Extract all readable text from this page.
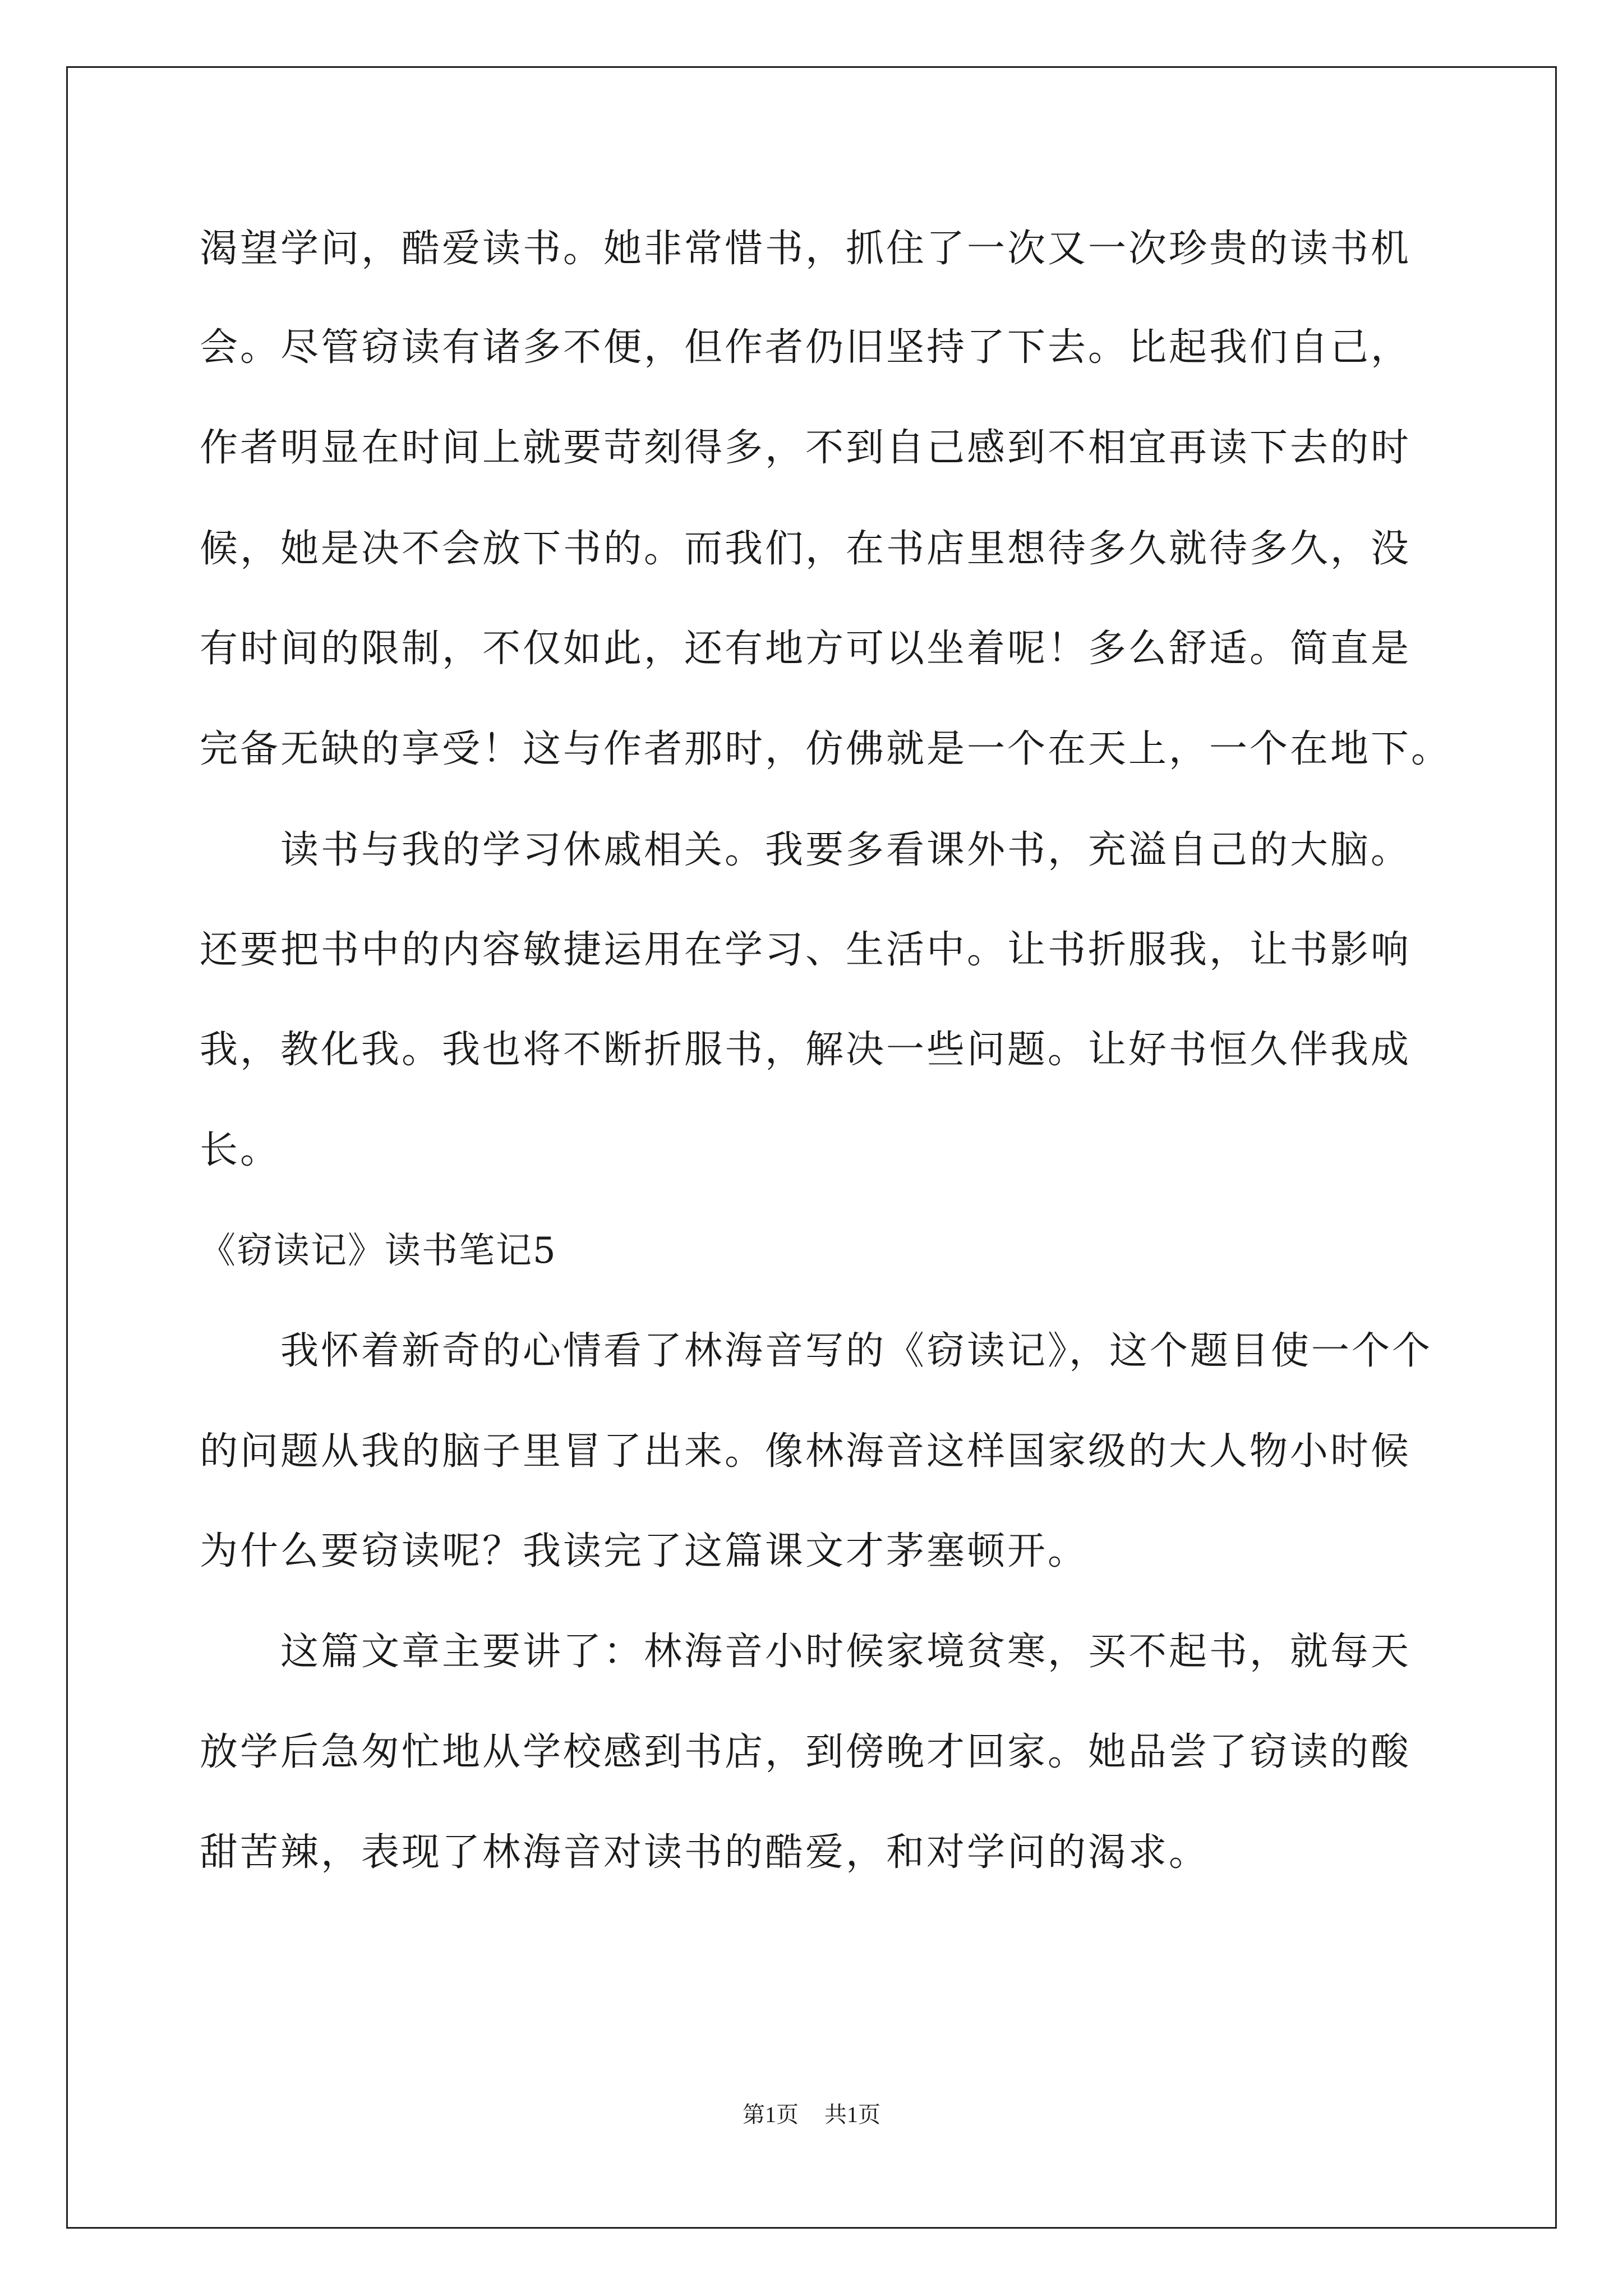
渴望学问，酷爱读书。她非常惜书，抓住了一次又一次珍贵的读书机
会。尽管窃读有诸多不便，但作者仍旧坚持了下去。比起我们自己，
作者明显在时间上就要苛刻得多，不到自己感到不相宜再读下去的时
候，她是决不会放下书的。而我们，在书店里想待多久就待多久，没
有时间的限制，不仅如此，还有地方可以坐着呢！多么舒适。简直是
完备无缺的享受！这与作者那时，仿佛就是一个在天上，一个在地下。
读书与我的学习休戚相关。我要多看课外书，充溢自己的大脑。
还要把书中的内容敏捷运用在学习、生活中。让书折服我，让书影响
我，教化我。我也将不断折服书，解决一些问题。让好书恒久伴我成
长。
《窃读记》读书笔记5
我怀着新奇的心情看了林海音写的《窃读记》，这个题目使一个个
的问题从我的脑子里冒了出来。像林海音这样国家级的大人物小时候
为什么要窃读呢？我读完了这篇课文才茅塞顿开。
这篇文章主要讲了：林海音小时候家境贫寒，买不起书，就每天
放学后急匆忙地从学校感到书店，到傍晚才回家。她品尝了窃读的酸
甜苦辣，表现了林海音对读书的酷爱，和对学问的渴求。
第1页 共1页
